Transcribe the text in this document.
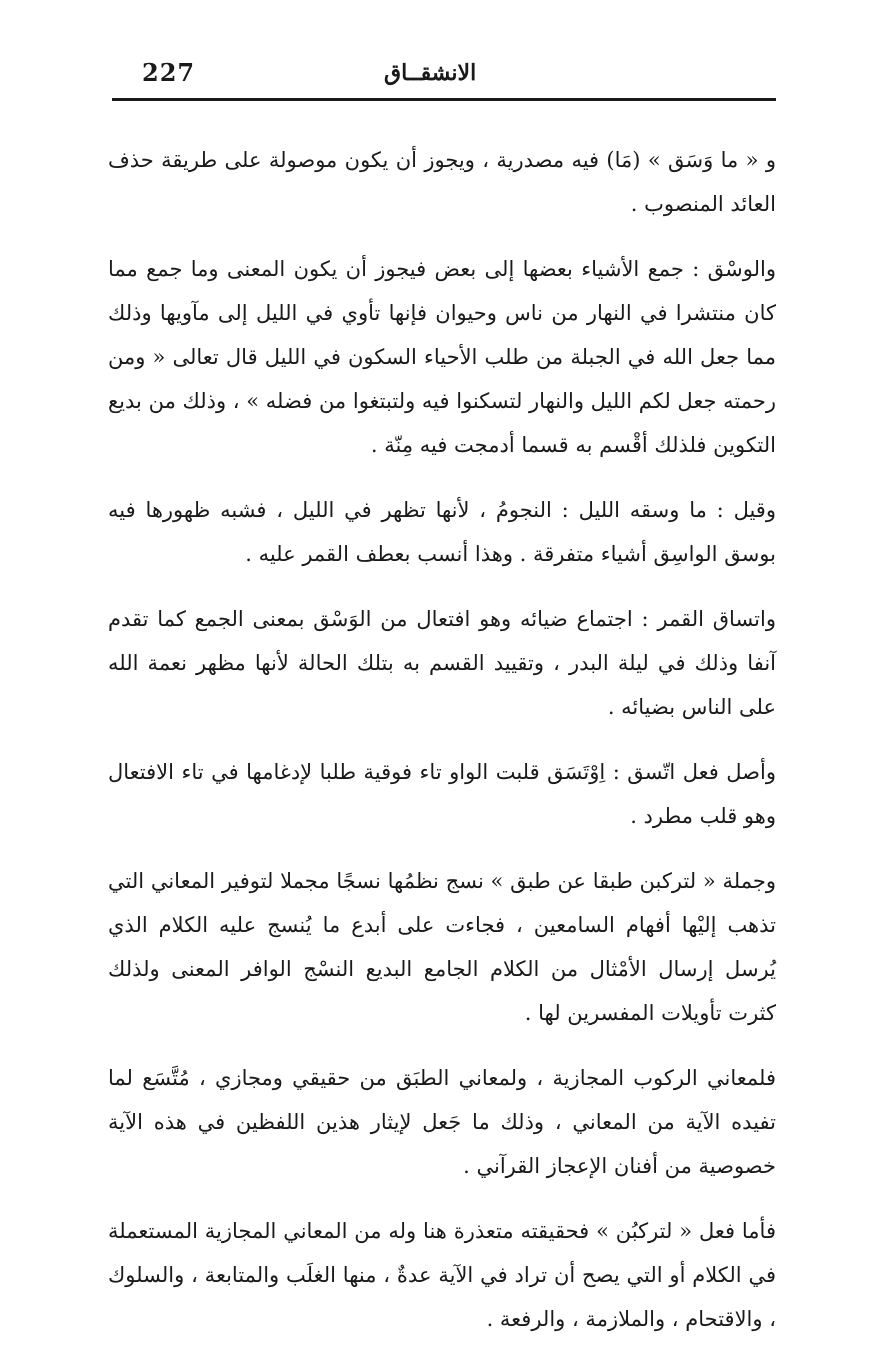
227	الانشقــاق

و « ما وَسَق » (مَا) فيه مصدرية ، ويجوز أن يكون موصولة على طريقة حذف العائد المنصوب .

والوسْق : جمع الأشياء بعضها إلى بعض فيجوز أن يكون المعنى وما جمع مما كان منتشرا في النهار من ناس وحيوان فإنها تأوي في الليل إلى مآويها وذلك مما جعل الله في الجبلة من طلب الأحياء السكون في الليل قال تعالى « ومن رحمته جعل لكم الليل والنهار لتسكنوا فيه ولتبتغوا من فضله » ، وذلك من بديع التكوين فلذلك أقْسم به قسما أدمجت فيه مِنّة .

وقيل : ما وسقه الليل : النجومُ ، لأنها تظهر في الليل ، فشبه ظهورها فيه بوسق الواسِق أشياء متفرقة . وهذا أنسب بعطف القمر عليه .

واتساق القمر : اجتماع ضيائه وهو افتعال من الوَسْق بمعنى الجمع كما تقدم آنفا وذلك في ليلة البدر ، وتقييد القسم به بتلك الحالة لأنها مظهر نعمة الله على الناس بضيائه .

وأصل فعل اتّسق : اِوْتَسَق قلبت الواو تاء فوقية طلبا لإدغامها في تاء الافتعال وهو قلب مطرد .

وجملة « لتركبن طبقا عن طبق » نسج نظمُها نسجًا مجملا لتوفير المعاني التي تذهب إليْها أفهام السامعين ، فجاءت على أبدع ما يُنسج عليه الكلام الذي يُرسل إرسال الأمْثال من الكلام الجامع البديع النسْج الوافر المعنى ولذلك كثرت تأويلات المفسرين لها .

فلمعاني الركوب المجازية ، ولمعاني الطبَق من حقيقي ومجازي ، مُتَّسَع لما تفيده الآية من المعاني ، وذلك ما جَعل لإيثار هذين اللفظين في هذه الآية خصوصية من أفنان الإعجاز القرآني .

فأما فعل « لتركبُن » فحقيقته متعذرة هنا وله من المعاني المجازية المستعملة في الكلام أو التي يصح أن تراد في الآية عدةٌ ، منها الغلَب والمتابعة ، والسلوك ، والاقتحام ، والملازمة ، والرفعة .
